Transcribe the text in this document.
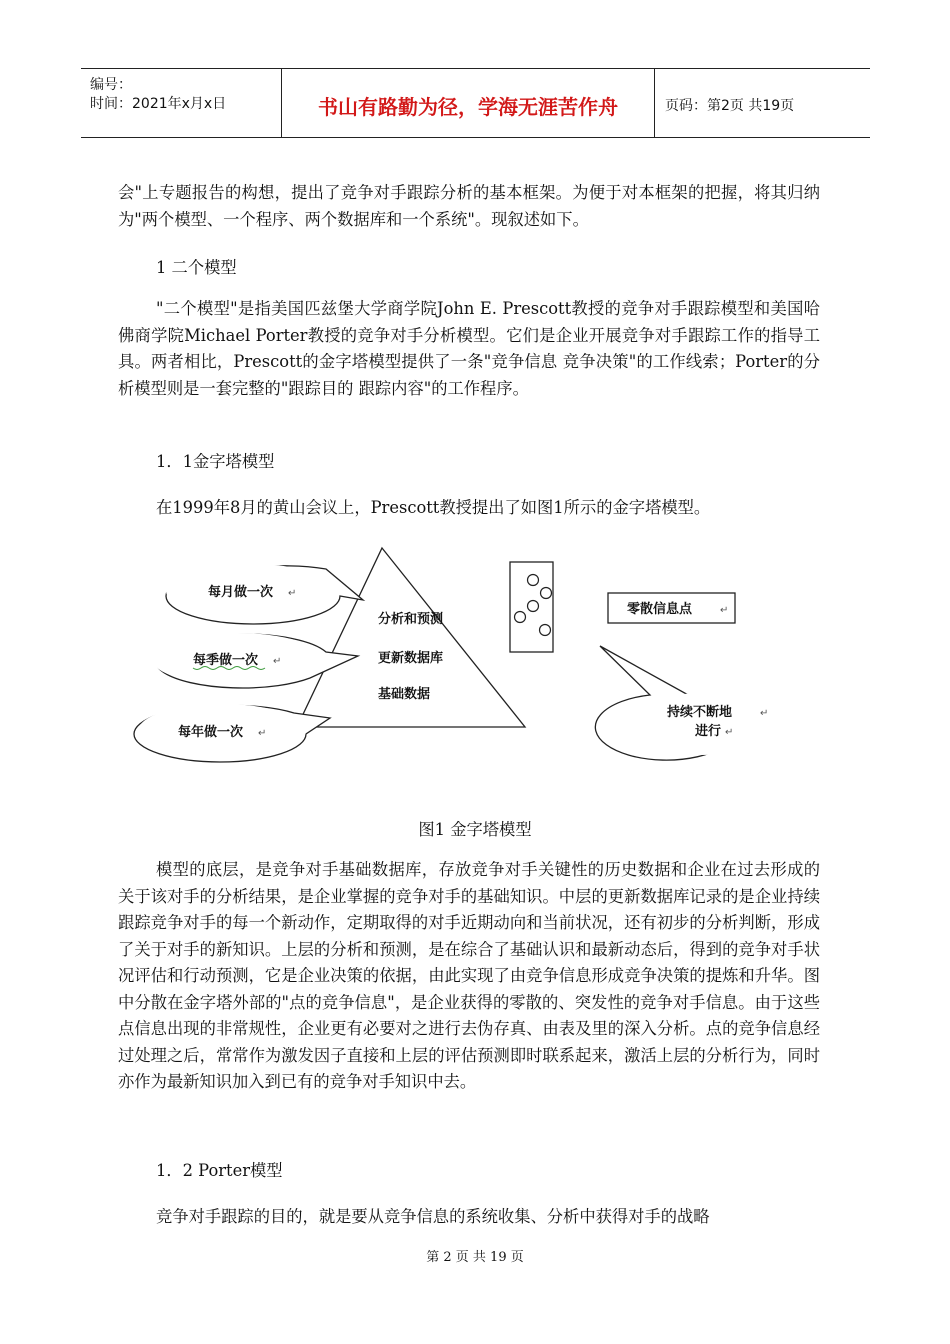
编号：
时间：2021年x月x日	书山有路勤为径，学海无涯苦作舟	页码：第2页 共19页

会"上专题报告的构想，提出了竞争对手跟踪分析的基本框架。为便于对本框架的把握，将其归纳为"两个模型、一个程序、两个数据库和一个系统"。现叙述如下。

1 二个模型

"二个模型"是指美国匹兹堡大学商学院John E. Prescott教授的竞争对手跟踪模型和美国哈佛商学院Michael Porter教授的竞争对手分析模型。它们是企业开展竞争对手跟踪工作的指导工具。两者相比，Prescott的金字塔模型提供了一条"竞争信息 竞争决策"的工作线索；Porter的分析模型则是一套完整的"跟踪目的 跟踪内容"的工作程序。

1．1金字塔模型

在1999年8月的黄山会议上，Prescott教授提出了如图1所示的金字塔模型。

分析和预测
更新数据库
基础数据
每月做一次 ↵
每季做一次 ↵
每年做一次 ↵
零散信息点	↵
持续不断地	↵
进行 ↵
图1 金字塔模型

模型的底层，是竞争对手基础数据库，存放竞争对手关键性的历史数据和企业在过去形成的关于该对手的分析结果，是企业掌握的竞争对手的基础知识。中层的更新数据库记录的是企业持续跟踪竞争对手的每一个新动作，定期取得的对手近期动向和当前状况，还有初步的分析判断，形成了关于对手的新知识。上层的分析和预测，是在综合了基础认识和最新动态后，得到的竞争对手状况评估和行动预测，它是企业决策的依据，由此实现了由竞争信息形成竞争决策的提炼和升华。图中分散在金字塔外部的"点的竞争信息"，是企业获得的零散的、突发性的竞争对手信息。由于这些点信息出现的非常规性，企业更有必要对之进行去伪存真、由表及里的深入分析。点的竞争信息经过处理之后，常常作为激发因子直接和上层的评估预测即时联系起来，激活上层的分析行为，同时亦作为最新知识加入到已有的竞争对手知识中去。

1．2 Porter模型

竞争对手跟踪的目的，就是要从竞争信息的系统收集、分析中获得对手的战略

第 2 页 共 19 页
